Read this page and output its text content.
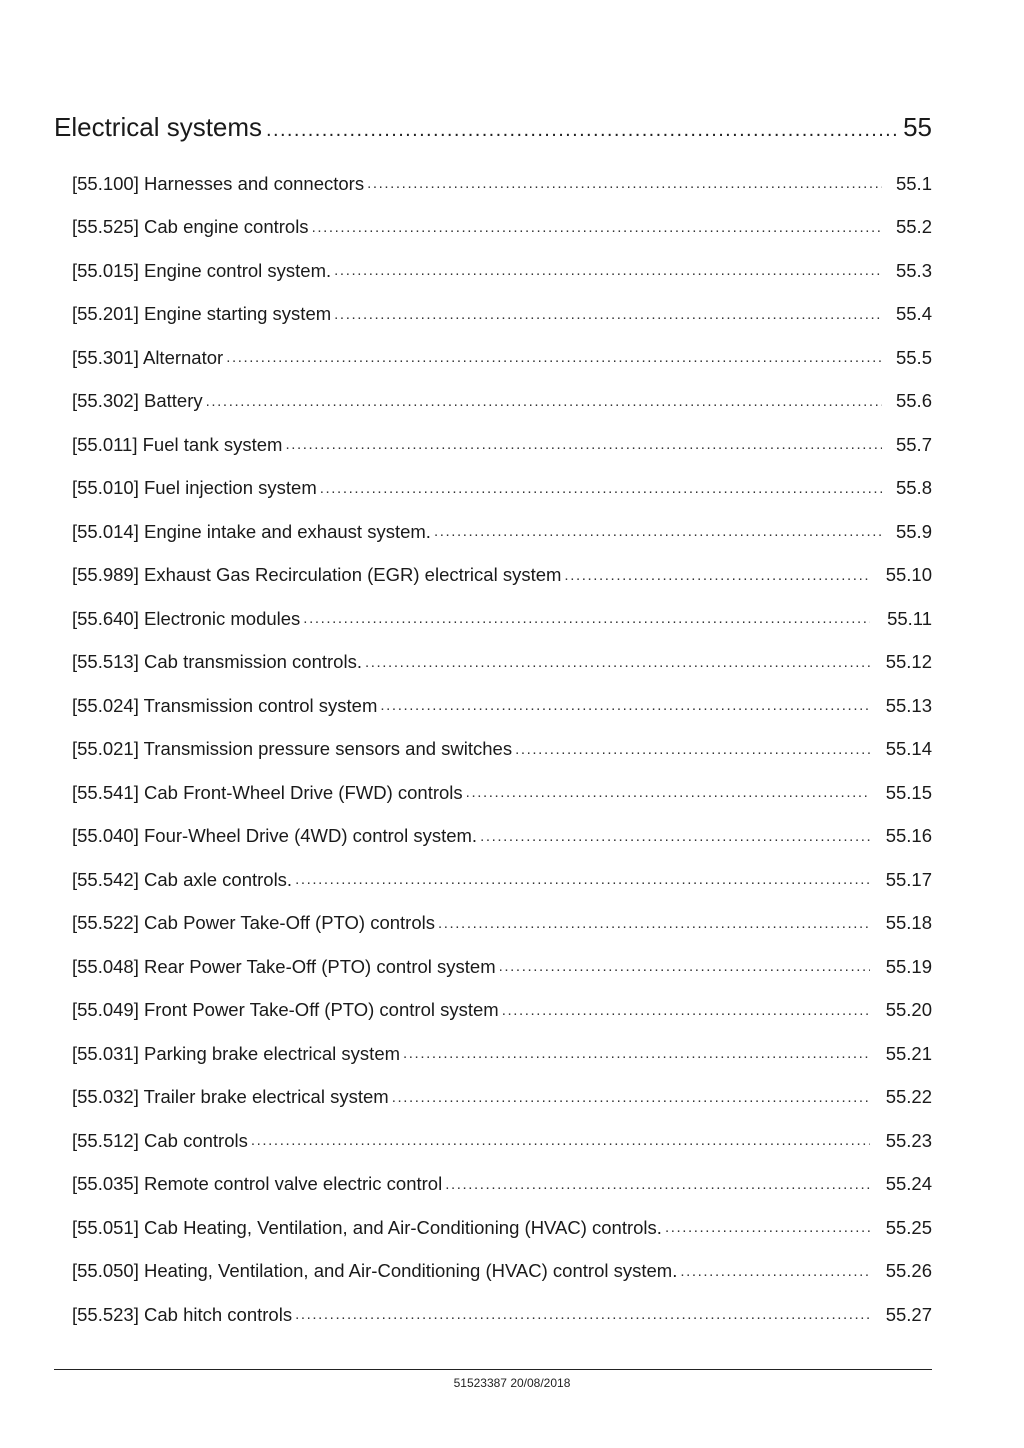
Electrical systems .....	55
[55.100] Harnesses and connectors .....	55.1
[55.525] Cab engine controls .....	55.2
[55.015] Engine control system. .....	55.3
[55.201] Engine starting system .....	55.4
[55.301] Alternator .....	55.5
[55.302] Battery .....	55.6
[55.011] Fuel tank system .....	55.7
[55.010] Fuel injection system .....	55.8
[55.014] Engine intake and exhaust system. .....	55.9
[55.989] Exhaust Gas Recirculation (EGR) electrical system .....	55.10
[55.640] Electronic modules .....	55.11
[55.513] Cab transmission controls. .....	55.12
[55.024] Transmission control system .....	55.13
[55.021] Transmission pressure sensors and switches .....	55.14
[55.541] Cab Front-Wheel Drive (FWD) controls .....	55.15
[55.040] Four-Wheel Drive (4WD) control system. .....	55.16
[55.542] Cab axle controls. .....	55.17
[55.522] Cab Power Take-Off (PTO) controls .....	55.18
[55.048] Rear Power Take-Off (PTO) control system .....	55.19
[55.049] Front Power Take-Off (PTO) control system .....	55.20
[55.031] Parking brake electrical system .....	55.21
[55.032] Trailer brake electrical system .....	55.22
[55.512] Cab controls .....	55.23
[55.035] Remote control valve electric control .....	55.24
[55.051] Cab Heating, Ventilation, and Air-Conditioning (HVAC) controls. .....	55.25
[55.050] Heating, Ventilation, and Air-Conditioning (HVAC) control system. .....	55.26
[55.523] Cab hitch controls .....	55.27
51523387 20/08/2018
